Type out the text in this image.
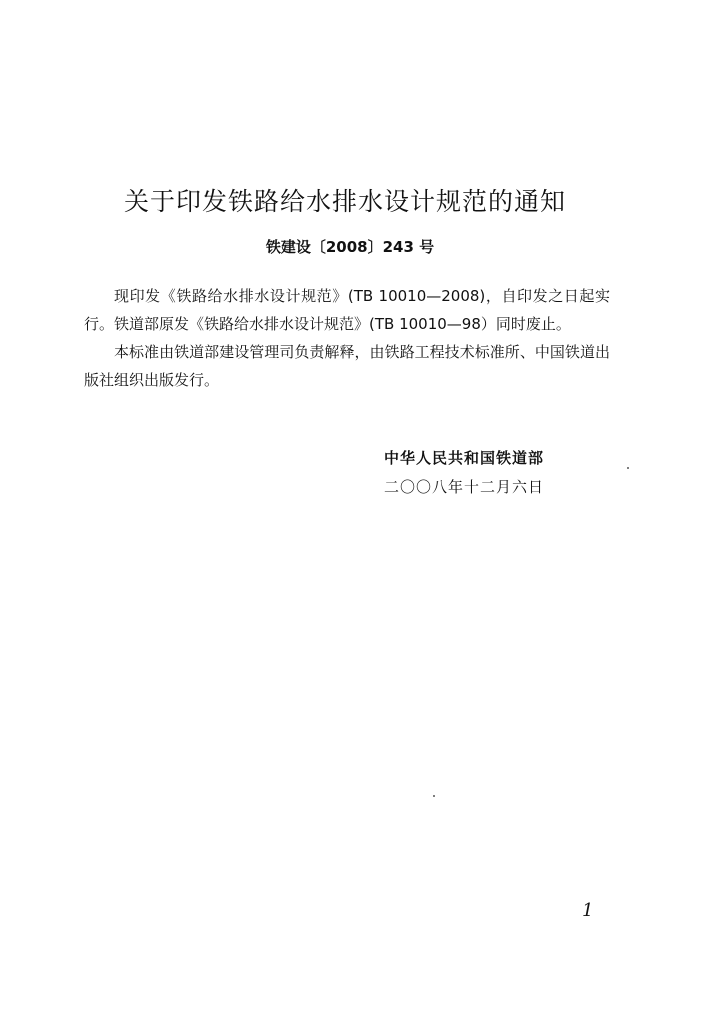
关于印发铁路给水排水设计规范的通知
铁建设〔2008〕243 号

现印发《铁路给水排水设计规范》(TB 10010—2008)，自印发之日起实行。铁道部原发《铁路给水排水设计规范》(TB 10010—98）同时废止。

本标准由铁道部建设管理司负责解释，由铁路工程技术标准所、中国铁道出版社组织出版发行。

中华人民共和国铁道部
二〇〇八年十二月六日
1
